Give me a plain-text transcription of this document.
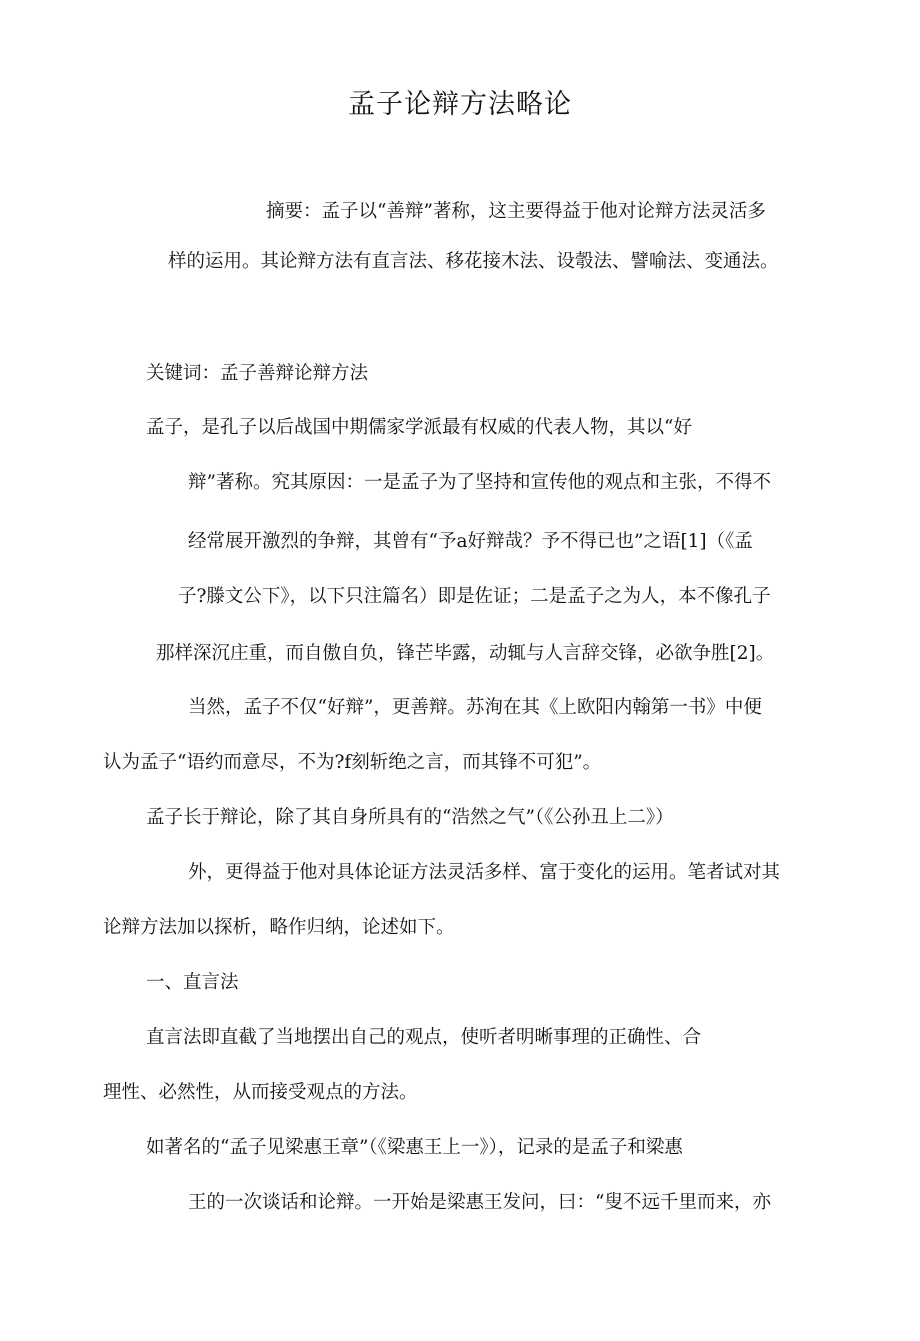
孟子论辩方法略论
摘要：孟子以“善辩”著称，这主要得益于他对论辩方法灵活多
样的运用。其论辩方法有直言法、移花接木法、设彀法、譬喻法、变通法。
关键词：孟子善辩论辩方法
孟子，是孔子以后战国中期儒家学派最有权威的代表人物，其以“好
辩”著称。究其原因：一是孟子为了坚持和宣传他的观点和主张，不得不
经常展开激烈的争辩，其曾有“予a好辩哉？予不得已也”之语[1]（《孟
子?滕文公下》，以下只注篇名）即是佐证；二是孟子之为人，本不像孔子
那样深沉庄重，而自傲自负，锋芒毕露，动辄与人言辞交锋，必欲争胜[2]。
当然，孟子不仅“好辩”，更善辩。苏洵在其《上欧阳内翰第一书》中便
认为孟子“语约而意尽，不为?f刻斩绝之言，而其锋不可犯”。
孟子长于辩论，除了其自身所具有的“浩然之气”（《公孙丑上二》）
外，更得益于他对具体论证方法灵活多样、富于变化的运用。笔者试对其
论辩方法加以探析，略作归纳，论述如下。
一、直言法
直言法即直截了当地摆出自己的观点，使听者明晰事理的正确性、合
理性、必然性，从而接受观点的方法。
如著名的“孟子见梁惠王章”（《梁惠王上一》），记录的是孟子和梁惠
王的一次谈话和论辩。一开始是梁惠王发问，曰：“叟不远千里而来，亦
